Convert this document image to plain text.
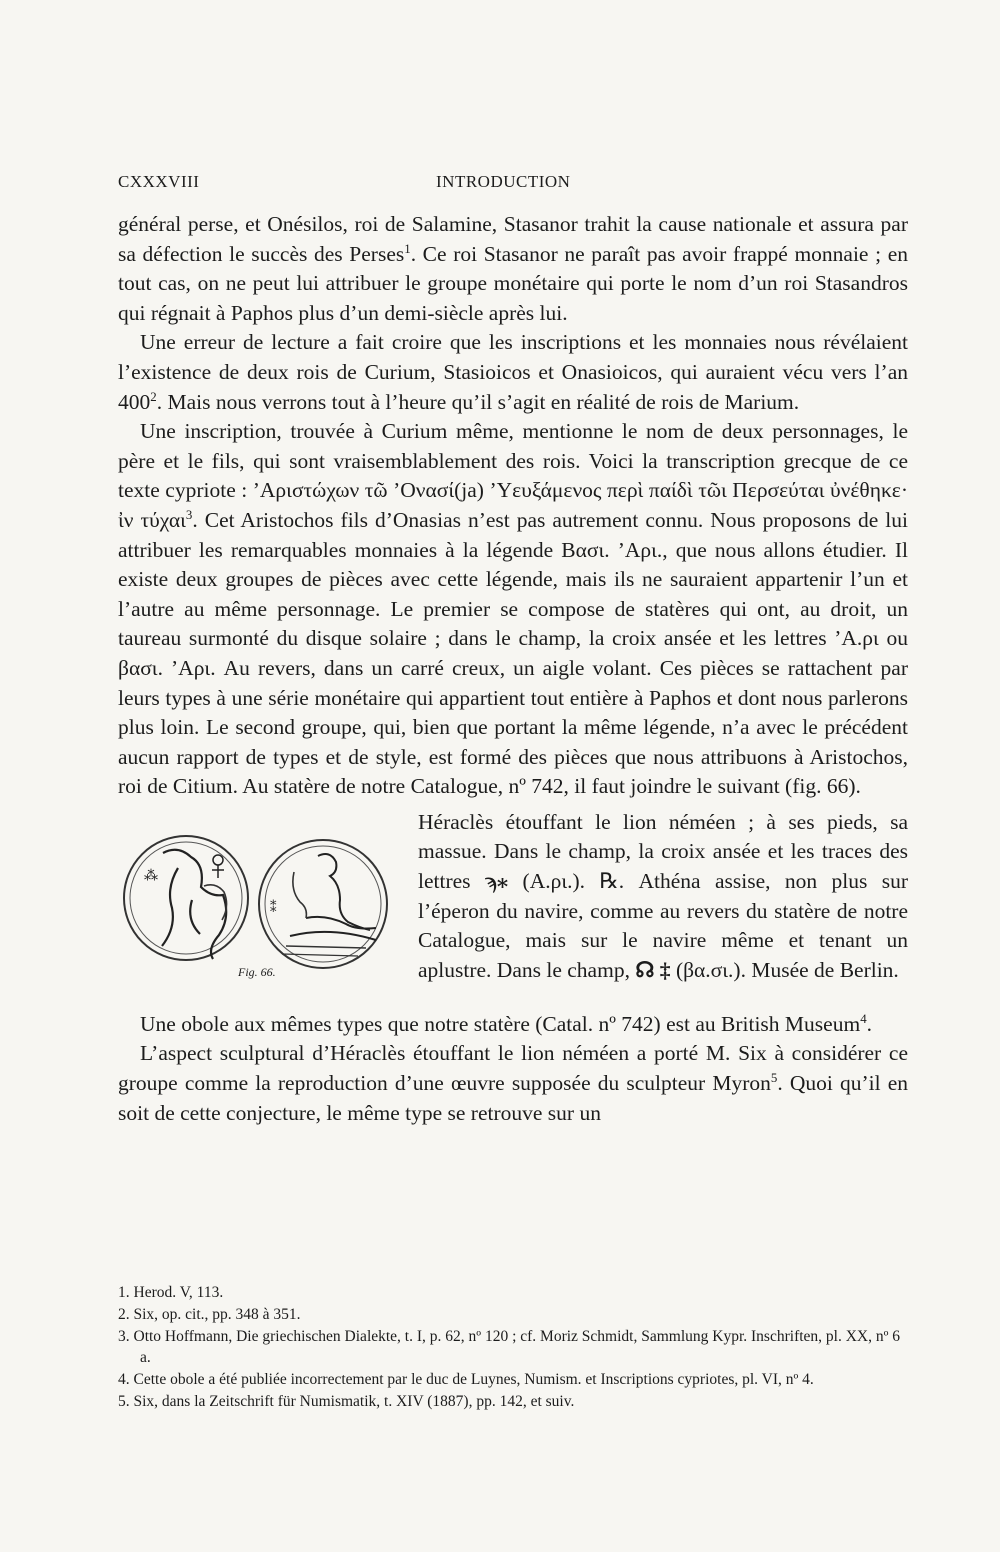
CXXXVIII	INTRODUCTION

général perse, et Onésilos, roi de Salamine, Stasanor trahit la cause nationale et assura par sa défection le succès des Perses$^1$. Ce roi Stasanor ne paraît pas avoir frappé monnaie ; en tout cas, on ne peut lui attribuer le groupe monétaire qui porte le nom d’un roi Stasandros qui régnait à Paphos plus d’un demi-siècle après lui.

Une erreur de lecture a fait croire que les inscriptions et les monnaies nous révélaient l’existence de deux rois de Curium, Stasioicos et Onasioicos, qui auraient vécu vers l’an $400^2$. Mais nous verrons tout à l’heure qu’il s’agit en réalité de rois de Marium.

Une inscription, trouvée à Curium même, mentionne le nom de deux personnages, le père et le fils, qui sont vraisemblablement des rois. Voici la transcription grecque de ce texte cypriote : ’Αριστώχων τῶ ’Ονασί(ja) ’Υευξάμενος περὶ παίδὶ τῶι Περσεύται ὐνέθηκε· ἰν τύχαι$^3$. Cet Aristochos fils d’Onasias n’est pas autrement connu. Nous proposons de lui attribuer les remarquables monnaies à la légende Βασι. ’Αρι., que nous allons étudier. Il existe deux groupes de pièces avec cette légende, mais ils ne sauraient appartenir l’un et l’autre au même personnage. Le premier se compose de statères qui ont, au droit, un taureau surmonté du disque solaire ; dans le champ, la croix ansée et les lettres ’Α.ρι ou βασι. ’Αρι. Au revers, dans un carré creux, un aigle volant. Ces pièces se rattachent par leurs types à une série monétaire qui appartient tout entière à Paphos et dont nous parlerons plus loin. Le second groupe, qui, bien que portant la même légende, n’a avec le précédent aucun rapport de types et de style, est formé des pièces que nous attribuons à Aristochos, roi de Citium. Au statère de notre Catalogue, nº 742, il faut joindre le suivant (fig. 66).

⁂
⁑
Fig. 66.

Héraclès étouffant le lion néméen ; à ses pieds, sa massue. Dans le champ, la croix ansée et les traces des lettres ϡ⁎ (Α.ρι.). ℞. Athéna assise, non plus sur l’éperon du navire, comme au revers du statère de notre Catalogue, mais sur le navire même et tenant un aplustre. Dans le champ, ☊ ‡ (βα.σι.). Musée de Berlin.

Une obole aux mêmes types que notre statère (Catal. nº 742) est au British Museum$^4$.

L’aspect sculptural d’Héraclès étouffant le lion néméen a porté M. Six à considérer ce groupe comme la reproduction d’une œuvre supposée du sculpteur Myron$^5$. Quoi qu’il en soit de cette conjecture, le même type se retrouve sur un

1. Herod. V, 113.

2. Six, op. cit., pp. 348 à 351.

3. Otto Hoffmann, Die griechischen Dialekte, t. I, p. 62, nº 120 ; cf. Moriz Schmidt, Sammlung Kypr. Inschriften, pl. XX, nº 6 a.

4. Cette obole a été publiée incorrectement par le duc de Luynes, Numism. et Inscriptions cypriotes, pl. VI, nº 4.

5. Six, dans la Zeitschrift für Numismatik, t. XIV (1887), pp. 142, et suiv.
